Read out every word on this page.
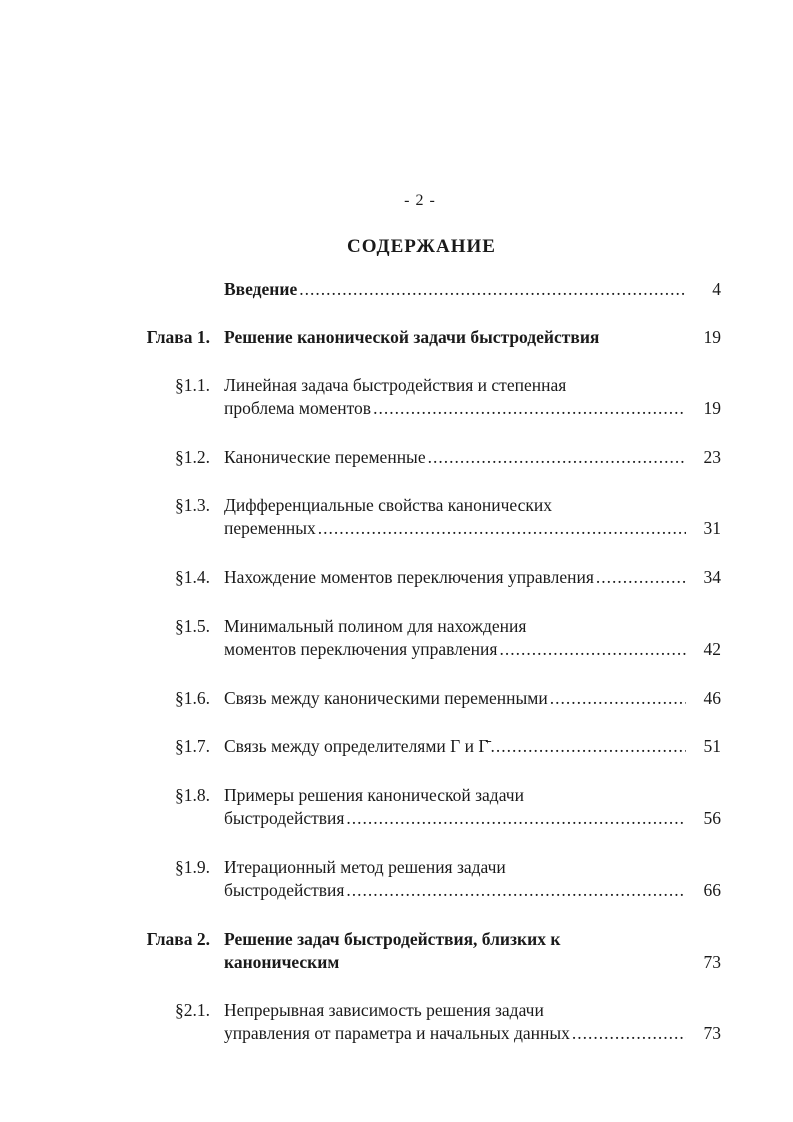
- 2 -
СОДЕРЖАНИЕ
Введение .....	4
Глава 1. Решение канонической задачи быстродействия	19
§1.1. Линейная задача быстродействия и степенная
проблема моментов .....	19
§1.2. Канонические переменные .....	23
§1.3. Дифференциальные свойства канонических
переменных .....	31
§1.4. Нахождение моментов переключения управления .....	34
§1.5. Минимальный полином для нахождения
моментов переключения управления .....	42
§1.6. Связь между каноническими переменными .....	46
§1.7. Связь между определителями Г и Г̄ .....	51
§1.8. Примеры решения канонической задачи
быстродействия .....	56
§1.9. Итерационный метод решения задачи
быстродействия .....	66
Глава 2. Решение задач быстродействия, близких к
каноническим	73
§2.1. Непрерывная зависимость решения задачи
управления от параметра и начальных данных .....	73
